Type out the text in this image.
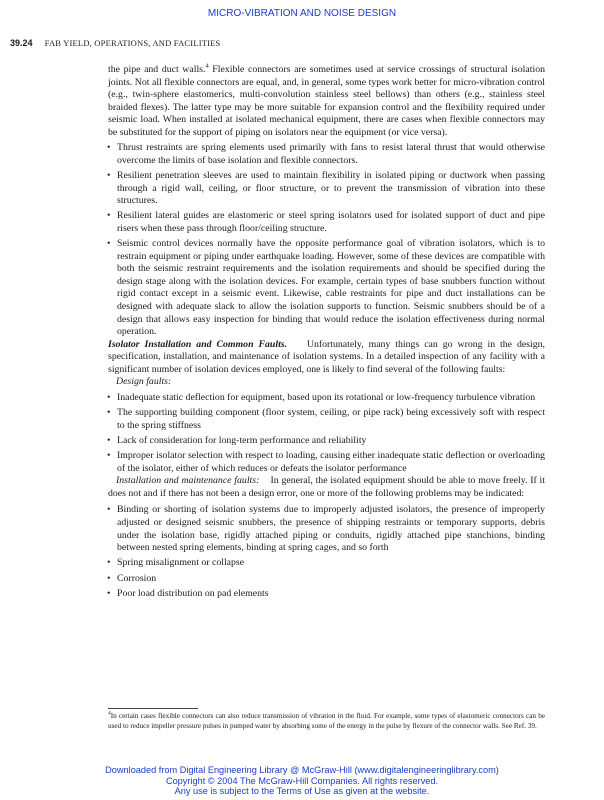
MICRO-VIBRATION AND NOISE DESIGN
39.24 FAB YIELD, OPERATIONS, AND FACILITIES

the pipe and duct walls.$^4$ Flexible connectors are sometimes used at service crossings of structural isolation joints. Not all flexible connectors are equal, and, in general, some types work better for micro-vibration control (e.g., twin-sphere elastomerics, multi-convolution stainless steel bellows) than others (e.g., stainless steel braided flexes). The latter type may be more suitable for expansion control and the flexibility required under seismic load. When installed at isolated mechanical equipment, there are cases when flexible connectors may be substituted for the support of piping on isolators near the equipment (or vice versa).

• Thrust restraints are spring elements used primarily with fans to resist lateral thrust that would otherwise overcome the limits of base isolation and flexible connectors.
• Resilient penetration sleeves are used to maintain flexibility in isolated piping or ductwork when passing through a rigid wall, ceiling, or floor structure, or to prevent the transmission of vibration into these structures.
• Resilient lateral guides are elastomeric or steel spring isolators used for isolated support of duct and pipe risers when these pass through floor/ceiling structure.
• Seismic control devices normally have the opposite performance goal of vibration isolators, which is to restrain equipment or piping under earthquake loading. However, some of these devices are compatible with both the seismic restraint requirements and the isolation requirements and should be specified during the design stage along with the isolation devices. For example, certain types of base snubbers function without rigid contact except in a seismic event. Likewise, cable restraints for pipe and duct installations can be designed with adequate slack to allow the isolation supports to function. Seismic snubbers should be of a design that allows easy inspection for binding that would reduce the isolation effectiveness during normal operation.

Isolator Installation and Common Faults. Unfortunately, many things can go wrong in the design, specification, installation, and maintenance of isolation systems. In a detailed inspection of any facility with a significant number of isolation devices employed, one is likely to find several of the following faults:

Design faults:

• Inadequate static deflection for equipment, based upon its rotational or low-frequency turbulence vibration
• The supporting building component (floor system, ceiling, or pipe rack) being excessively soft with respect to the spring stiffness
• Lack of consideration for long-term performance and reliability
• Improper isolator selection with respect to loading, causing either inadequate static deflection or overloading of the isolator, either of which reduces or defeats the isolator performance

Installation and maintenance faults: In general, the isolated equipment should be able to move freely. If it does not and if there has not been a design error, one or more of the following problems may be indicated:

• Binding or shorting of isolation systems due to improperly adjusted isolators, the presence of improperly adjusted or designed seismic snubbers, the presence of shipping restraints or temporary supports, debris under the isolation base, rigidly attached piping or conduits, rigidly attached pipe stanchions, binding between nested spring elements, binding at spring cages, and so forth
• Spring misalignment or collapse
• Corrosion
• Poor load distribution on pad elements
$^4$In certain cases flexible connectors can also reduce transmission of vibration in the fluid. For example, some types of elastomeric connectors can be used to reduce impeller pressure pulses in pumped water by absorbing some of the energy in the pulse by flexure of the connector walls. See Ref. 39.
Downloaded from Digital Engineering Library @ McGraw-Hill (www.digitalengineeringlibrary.com)
Copyright © 2004 The McGraw-Hill Companies. All rights reserved.
Any use is subject to the Terms of Use as given at the website.
